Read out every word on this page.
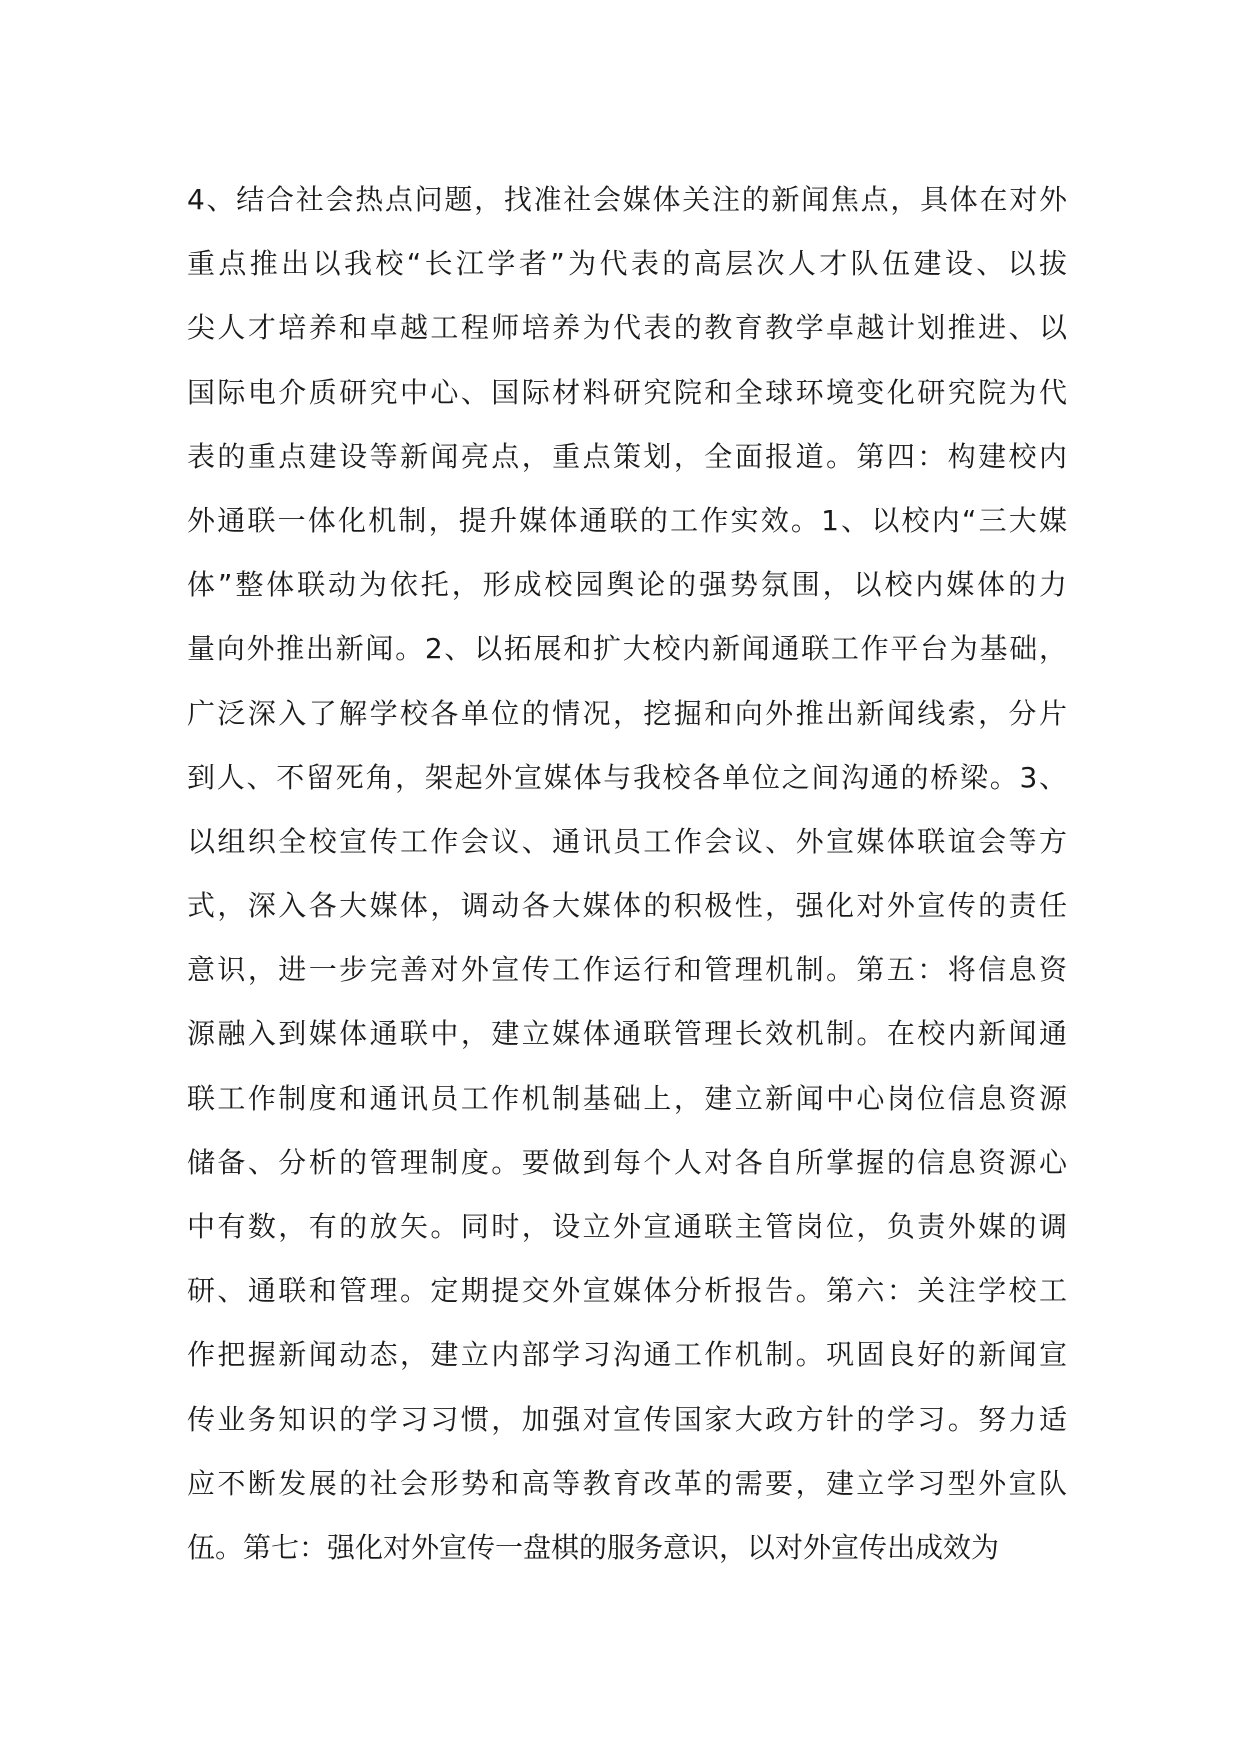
4、结合社会热点问题，找准社会媒体关注的新闻焦点，具体在对外
重点推出以我校“长江学者”为代表的高层次人才队伍建设、以拔
尖人才培养和卓越工程师培养为代表的教育教学卓越计划推进、以
国际电介质研究中心、国际材料研究院和全球环境变化研究院为代
表的重点建设等新闻亮点，重点策划，全面报道。第四：构建校内
外通联一体化机制，提升媒体通联的工作实效。1、以校内“三大媒
体”整体联动为依托，形成校园舆论的强势氛围，以校内媒体的力
量向外推出新闻。2、以拓展和扩大校内新闻通联工作平台为基础，
广泛深入了解学校各单位的情况，挖掘和向外推出新闻线索，分片
到人、不留死角，架起外宣媒体与我校各单位之间沟通的桥梁。3、
以组织全校宣传工作会议、通讯员工作会议、外宣媒体联谊会等方
式，深入各大媒体，调动各大媒体的积极性，强化对外宣传的责任
意识，进一步完善对外宣传工作运行和管理机制。第五：将信息资
源融入到媒体通联中，建立媒体通联管理长效机制。在校内新闻通
联工作制度和通讯员工作机制基础上，建立新闻中心岗位信息资源
储备、分析的管理制度。要做到每个人对各自所掌握的信息资源心
中有数，有的放矢。同时，设立外宣通联主管岗位，负责外媒的调
研、通联和管理。定期提交外宣媒体分析报告。第六：关注学校工
作把握新闻动态，建立内部学习沟通工作机制。巩固良好的新闻宣
传业务知识的学习习惯，加强对宣传国家大政方针的学习。努力适
应不断发展的社会形势和高等教育改革的需要，建立学习型外宣队
伍。第七：强化对外宣传一盘棋的服务意识，以对外宣传出成效为
